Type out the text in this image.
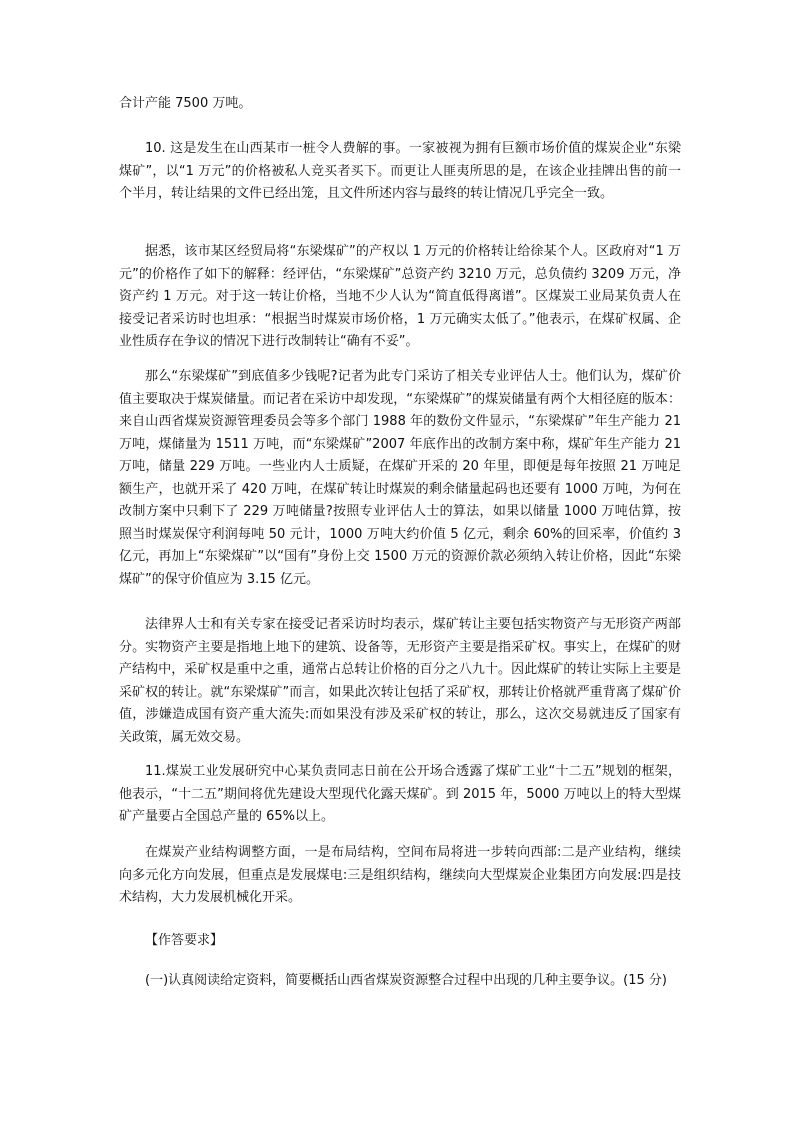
合计产能 7500 万吨。

10. 这是发生在山西某市一桩令人费解的事。一家被视为拥有巨额市场价值的煤炭企业“东梁煤矿”，以“1 万元”的价格被私人竞买者买下。而更让人匪夷所思的是，在该企业挂牌出售的前一个半月，转让结果的文件已经出笼，且文件所述内容与最终的转让情况几乎完全一致。

据悉，该市某区经贸局将“东梁煤矿”的产权以 1 万元的价格转让给徐某个人。区政府对“1 万元”的价格作了如下的解释：经评估，“东梁煤矿”总资产约 3210 万元，总负债约 3209 万元，净资产约 1 万元。对于这一转让价格，当地不少人认为“简直低得离谱”。区煤炭工业局某负责人在接受记者采访时也坦承：“根据当时煤炭市场价格，1 万元确实太低了。”他表示，在煤矿权属、企业性质存在争议的情况下进行改制转让“确有不妥”。

那么“东梁煤矿”到底值多少钱呢?记者为此专门采访了相关专业评估人士。他们认为，煤矿价值主要取决于煤炭储量。而记者在采访中却发现，“东梁煤矿”的煤炭储量有两个大相径庭的版本：来自山西省煤炭资源管理委员会等多个部门 1988 年的数份文件显示，“东梁煤矿”年生产能力 21 万吨，煤储量为 1511 万吨，而“东梁煤矿”2007 年底作出的改制方案中称，煤矿年生产能力 21 万吨，储量 229 万吨。一些业内人士质疑，在煤矿开采的 20 年里，即便是每年按照 21 万吨足额生产，也就开采了 420 万吨，在煤矿转让时煤炭的剩余储量起码也还要有 1000 万吨，为何在改制方案中只剩下了 229 万吨储量?按照专业评估人士的算法，如果以储量 1000 万吨估算，按照当时煤炭保守利润每吨 50 元计，1000 万吨大约价值 5 亿元，剩余 60%的回采率，价值约 3 亿元，再加上“东梁煤矿”以“国有”身份上交 1500 万元的资源价款必须纳入转让价格，因此“东梁煤矿”的保守价值应为 3.15 亿元。

法律界人士和有关专家在接受记者采访时均表示，煤矿转让主要包括实物资产与无形资产两部分。实物资产主要是指地上地下的建筑、设备等，无形资产主要是指采矿权。事实上，在煤矿的财产结构中，采矿权是重中之重，通常占总转让价格的百分之八九十。因此煤矿的转让实际上主要是采矿权的转让。就“东梁煤矿”而言，如果此次转让包括了采矿权，那转让价格就严重背离了煤矿价值，涉嫌造成国有资产重大流失:而如果没有涉及采矿权的转让，那么，这次交易就违反了国家有关政策，属无效交易。

11.煤炭工业发展研究中心某负责同志日前在公开场合透露了煤矿工业“十二五”规划的框架，他表示，“十二五”期间将优先建设大型现代化露天煤矿。到 2015 年，5000 万吨以上的特大型煤矿产量要占全国总产量的 65%以上。

在煤炭产业结构调整方面，一是布局结构，空间布局将进一步转向西部:二是产业结构，继续向多元化方向发展，但重点是发展煤电:三是组织结构，继续向大型煤炭企业集团方向发展:四是技术结构，大力发展机械化开采。

【作答要求】

(一)认真阅读给定资料，简要概括山西省煤炭资源整合过程中出现的几种主要争议。(15 分)
